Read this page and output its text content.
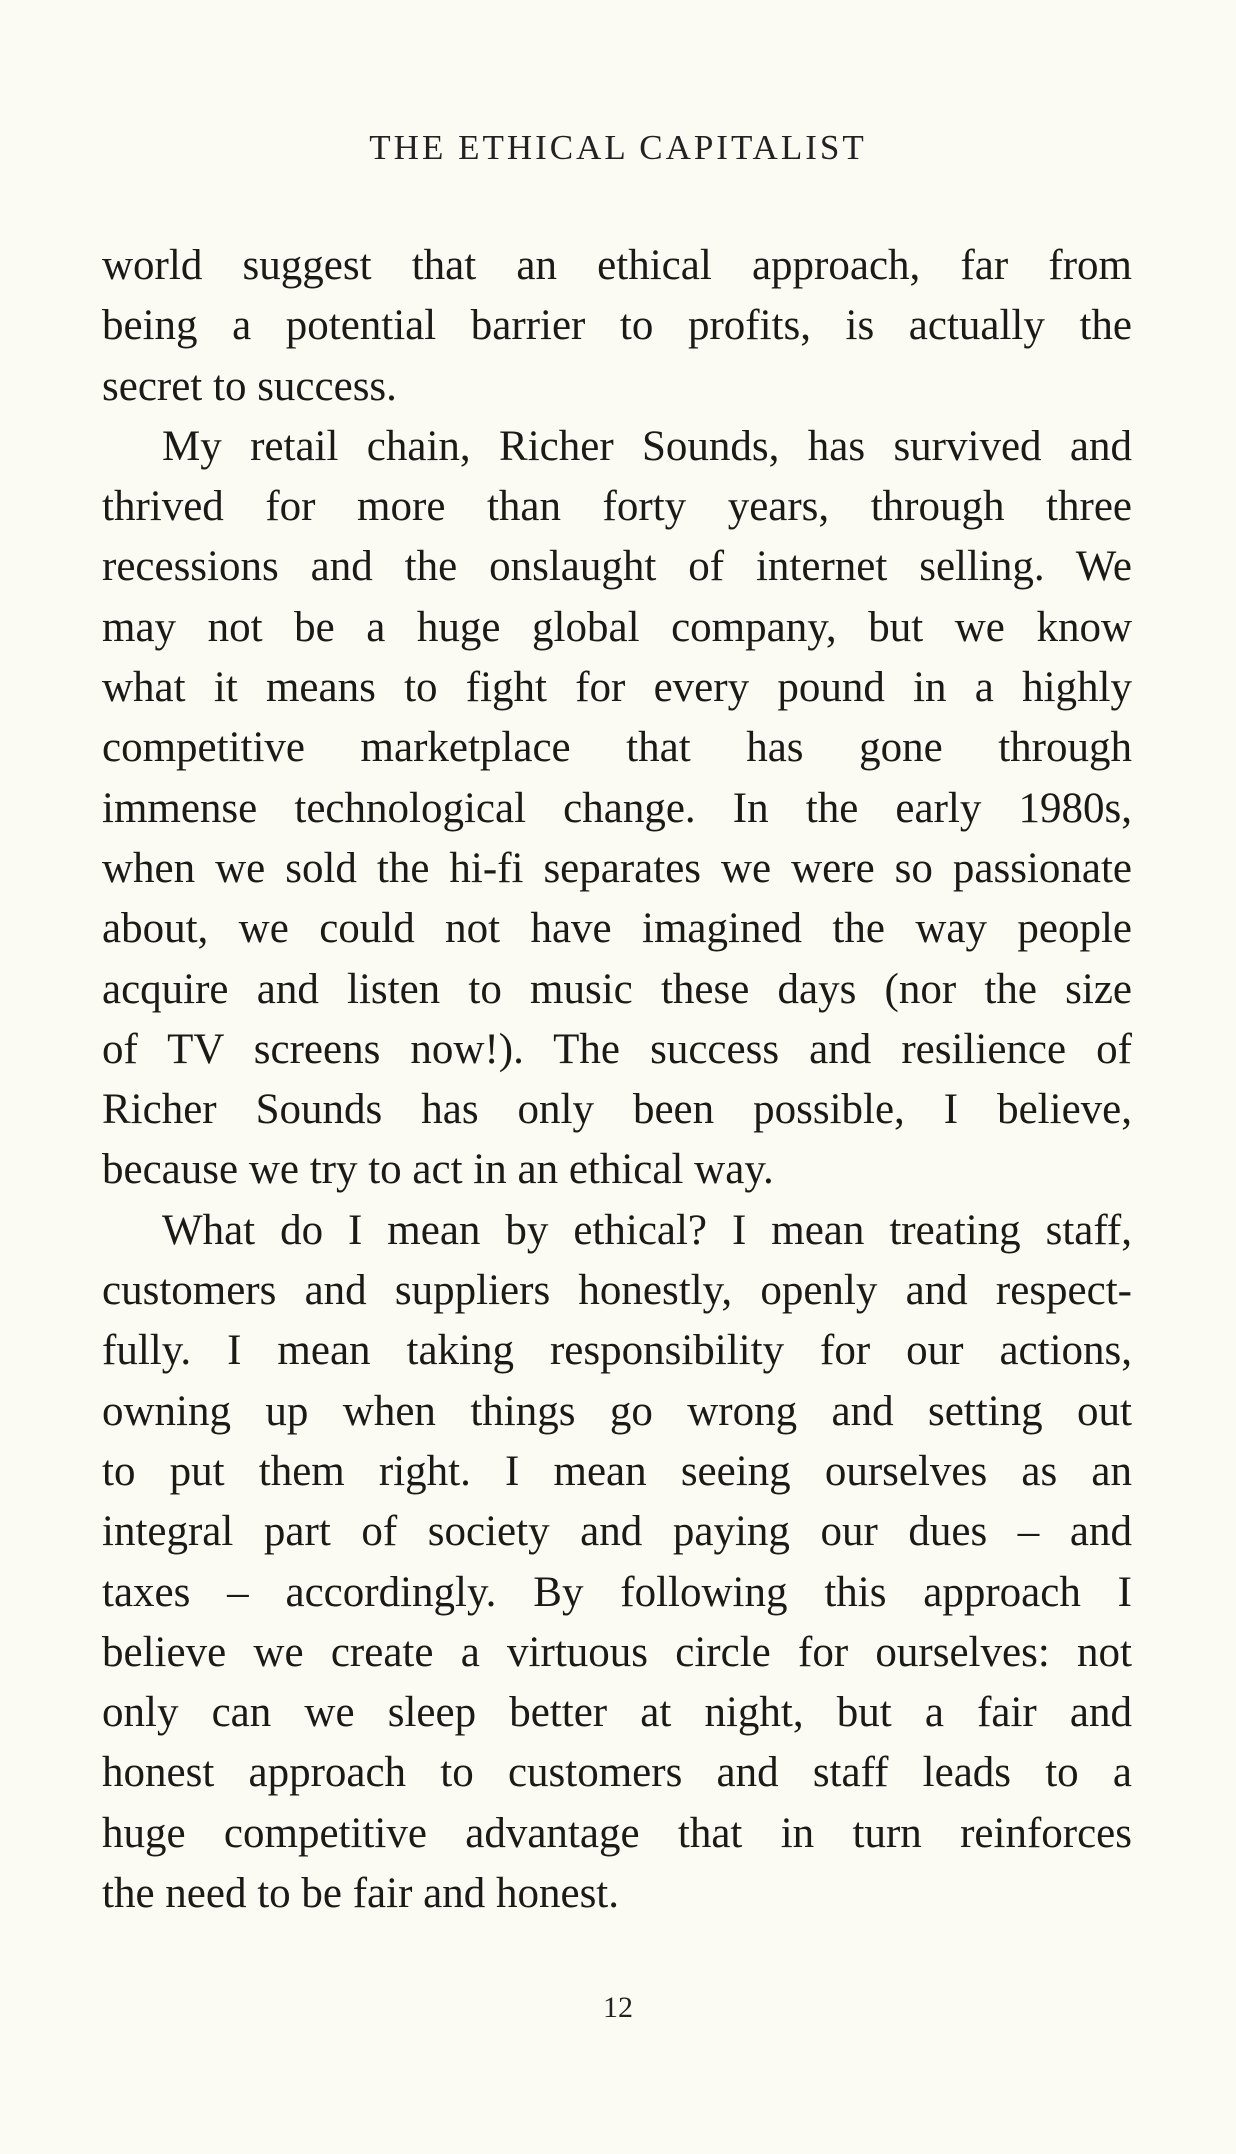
THE ETHICAL CAPITALIST
world suggest that an ethical approach, far from
being a potential barrier to profits, is actually the
secret to success.
My retail chain, Richer Sounds, has survived and
thrived for more than forty years, through three
recessions and the onslaught of internet selling. We
may not be a huge global company, but we know
what it means to fight for every pound in a highly
competitive marketplace that has gone through
immense technological change. In the early 1980s,
when we sold the hi-fi separates we were so passionate
about, we could not have imagined the way people
acquire and listen to music these days (nor the size
of TV screens now!). The success and resilience of
Richer Sounds has only been possible, I believe,
because we try to act in an ethical way.
What do I mean by ethical? I mean treating staff,
customers and suppliers honestly, openly and respect-
fully. I mean taking responsibility for our actions,
owning up when things go wrong and setting out
to put them right. I mean seeing ourselves as an
integral part of society and paying our dues – and
taxes – accordingly. By following this approach I
believe we create a virtuous circle for ourselves: not
only can we sleep better at night, but a fair and
honest approach to customers and staff leads to a
huge competitive advantage that in turn reinforces
the need to be fair and honest.
12
